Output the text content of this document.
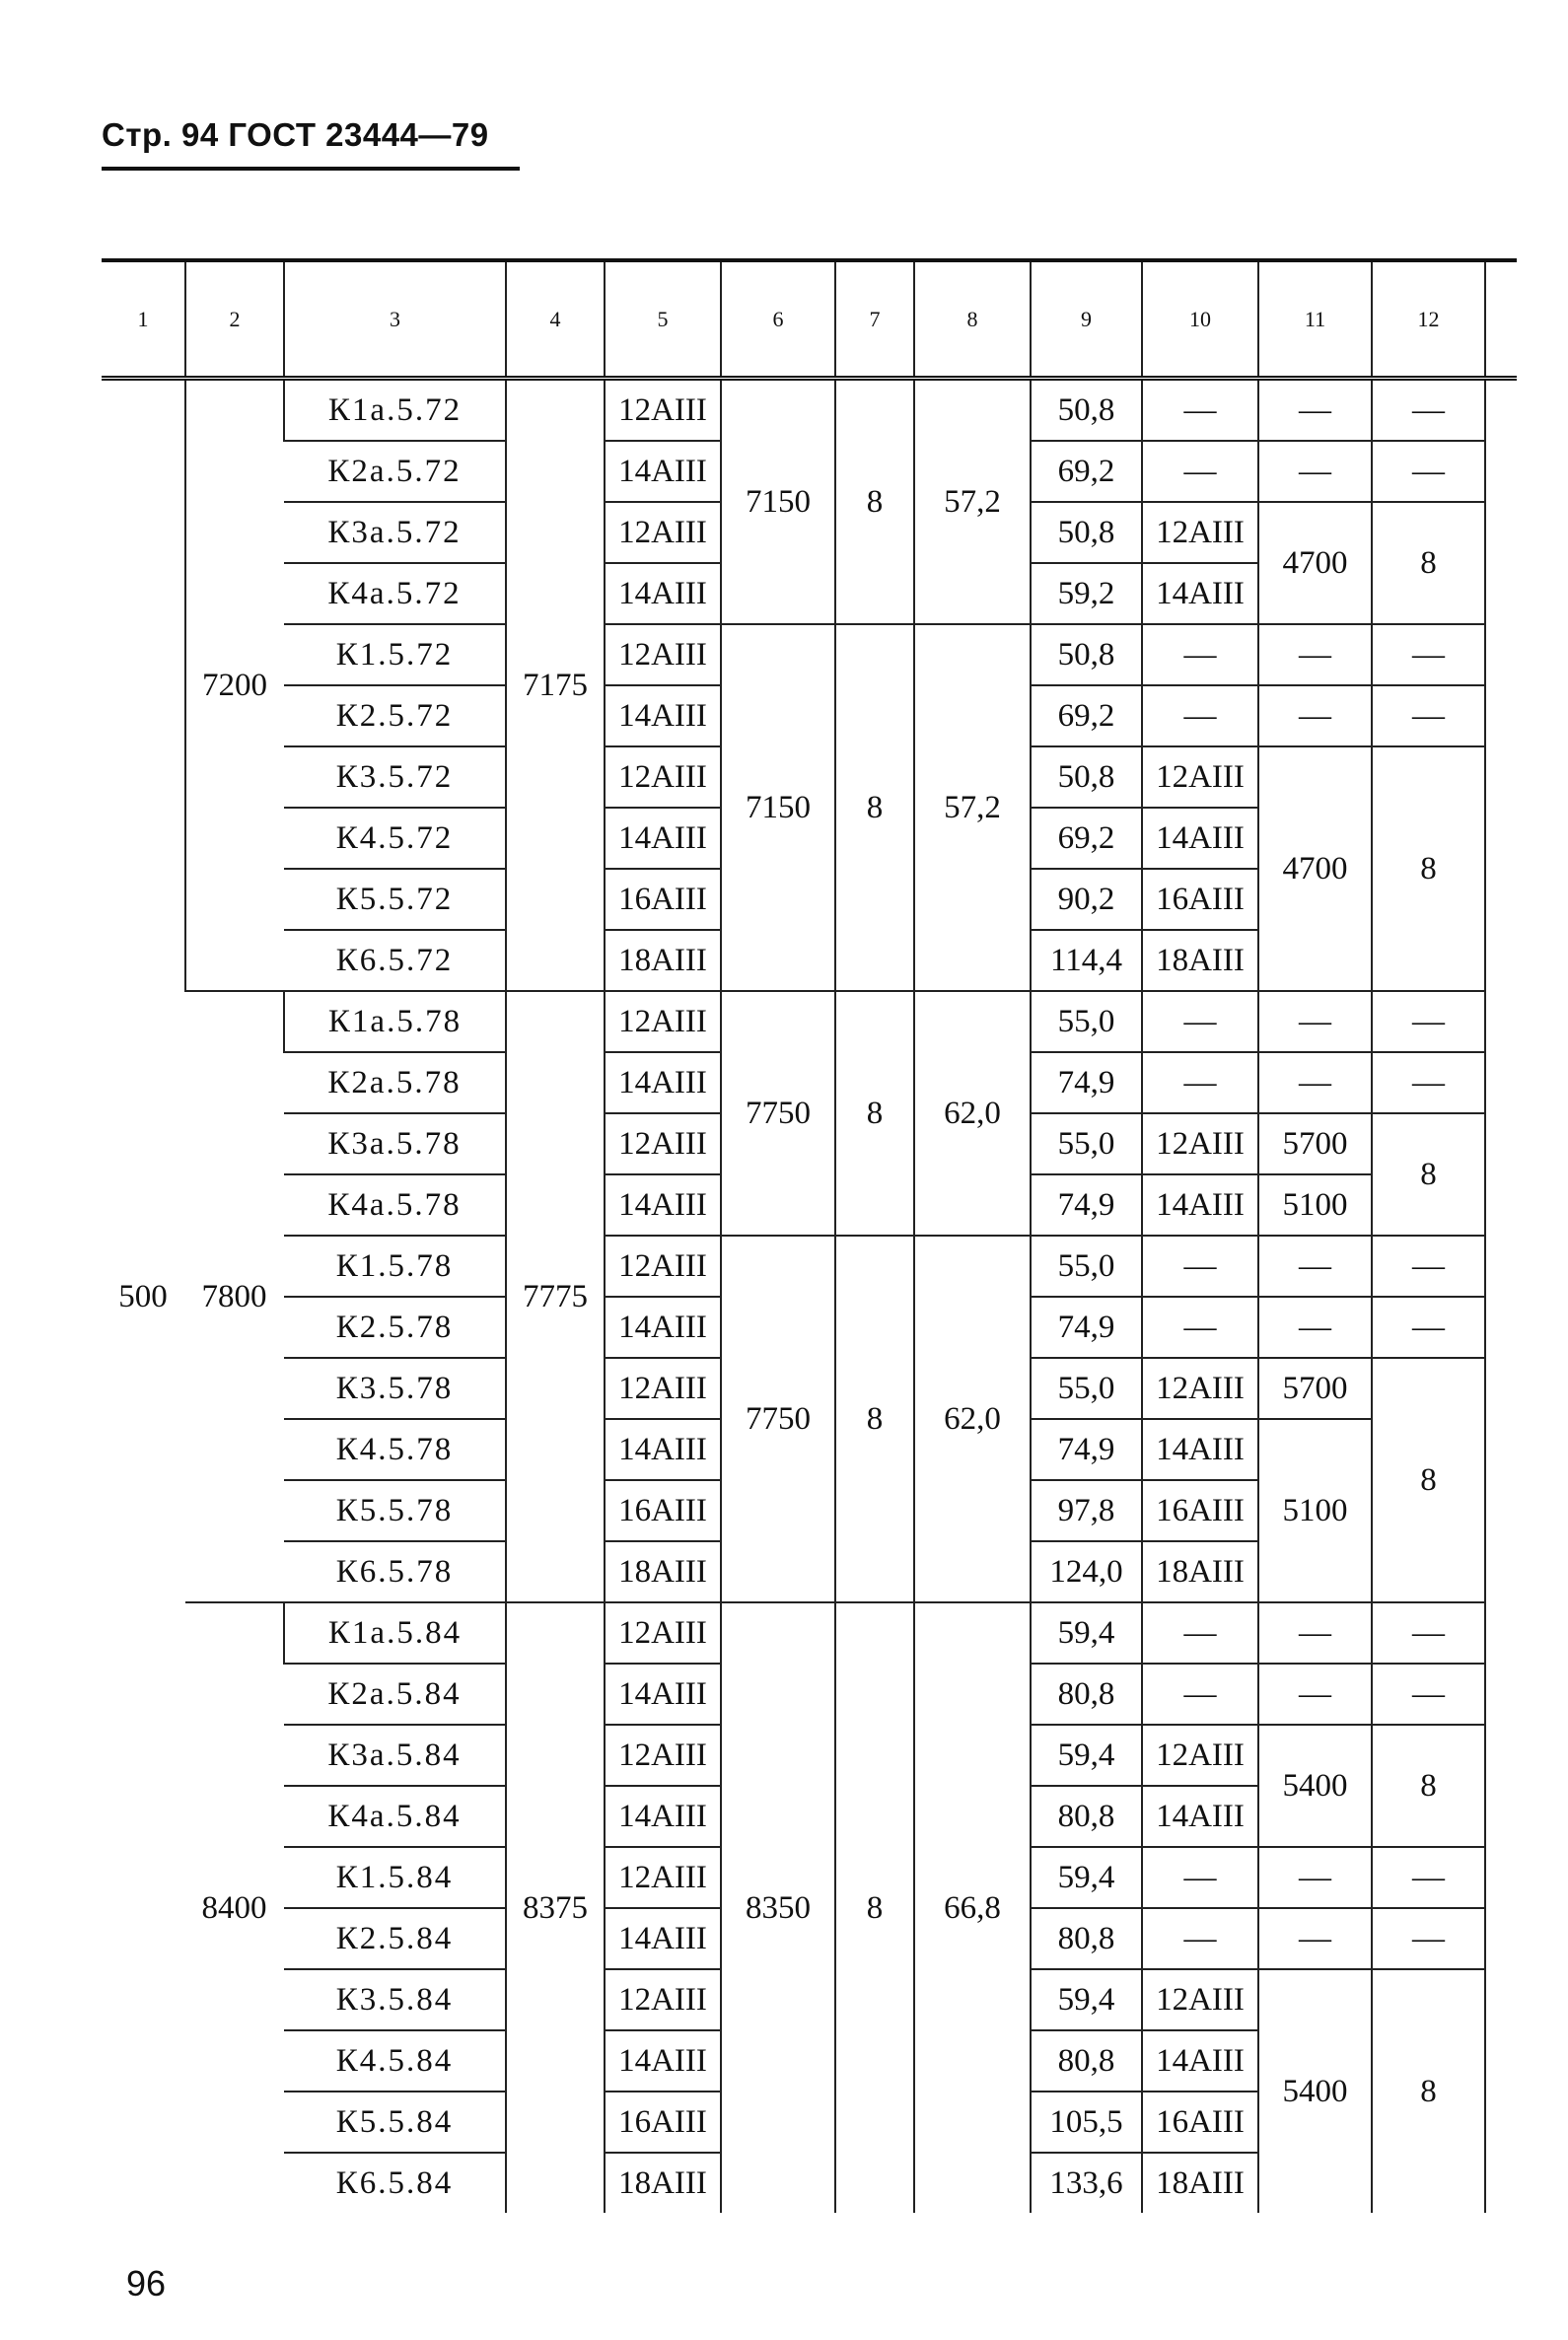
Стр. 94 ГОСТ 23444—79
1	2	3	4	5	6	7	8	9	10	11	12	
500	7200	К1а.5.72	7175	12АIII	7150	8	57,2	50,8	—	—	—	
		К2а.5.72		14АIII				69,2	—	—	—	
		К3а.5.72		12АIII				50,8	12АIII	4700	8	
		К4а.5.72		14АIII				59,2	14АIII			
		К1.5.72		12АIII	7150	8	57,2	50,8	—	—	—	
		К2.5.72		14АIII				69,2	—	—	—	
		К3.5.72		12АIII				50,8	12АIII	4700	8	
		К4.5.72		14АIII				69,2	14АIII			
		К5.5.72		16АIII				90,2	16АIII			
		К6.5.72		18АIII				114,4	18АIII			
	7800	К1а.5.78	7775	12АIII	7750	8	62,0	55,0	—	—	—	
		К2а.5.78		14АIII				74,9	—	—	—	
		К3а.5.78		12АIII				55,0	12АIII	5700	8	
		К4а.5.78		14АIII				74,9	14АIII	5100		
		К1.5.78		12АIII	7750	8	62,0	55,0	—	—	—	
		К2.5.78		14АIII				74,9	—	—	—	
		К3.5.78		12АIII				55,0	12АIII	5700	8	
		К4.5.78		14АIII				74,9	14АIII	5100		
		К5.5.78		16АIII				97,8	16АIII			
		К6.5.78		18АIII				124,0	18АIII			
	8400	К1а.5.84	8375	12АIII	8350	8	66,8	59,4	—	—	—	
		К2а.5.84		14АIII				80,8	—	—	—	
		К3а.5.84		12АIII				59,4	12АIII	5400	8	
		К4а.5.84		14АIII				80,8	14АIII			
		К1.5.84		12АIII				59,4	—	—	—	
		К2.5.84		14АIII				80,8	—	—	—	
		К3.5.84		12АIII				59,4	12АIII	5400	8	
		К4.5.84		14АIII				80,8	14АIII			
		К5.5.84		16АIII				105,5	16АIII			
		К6.5.84		18АIII				133,6	18АIII			
96
